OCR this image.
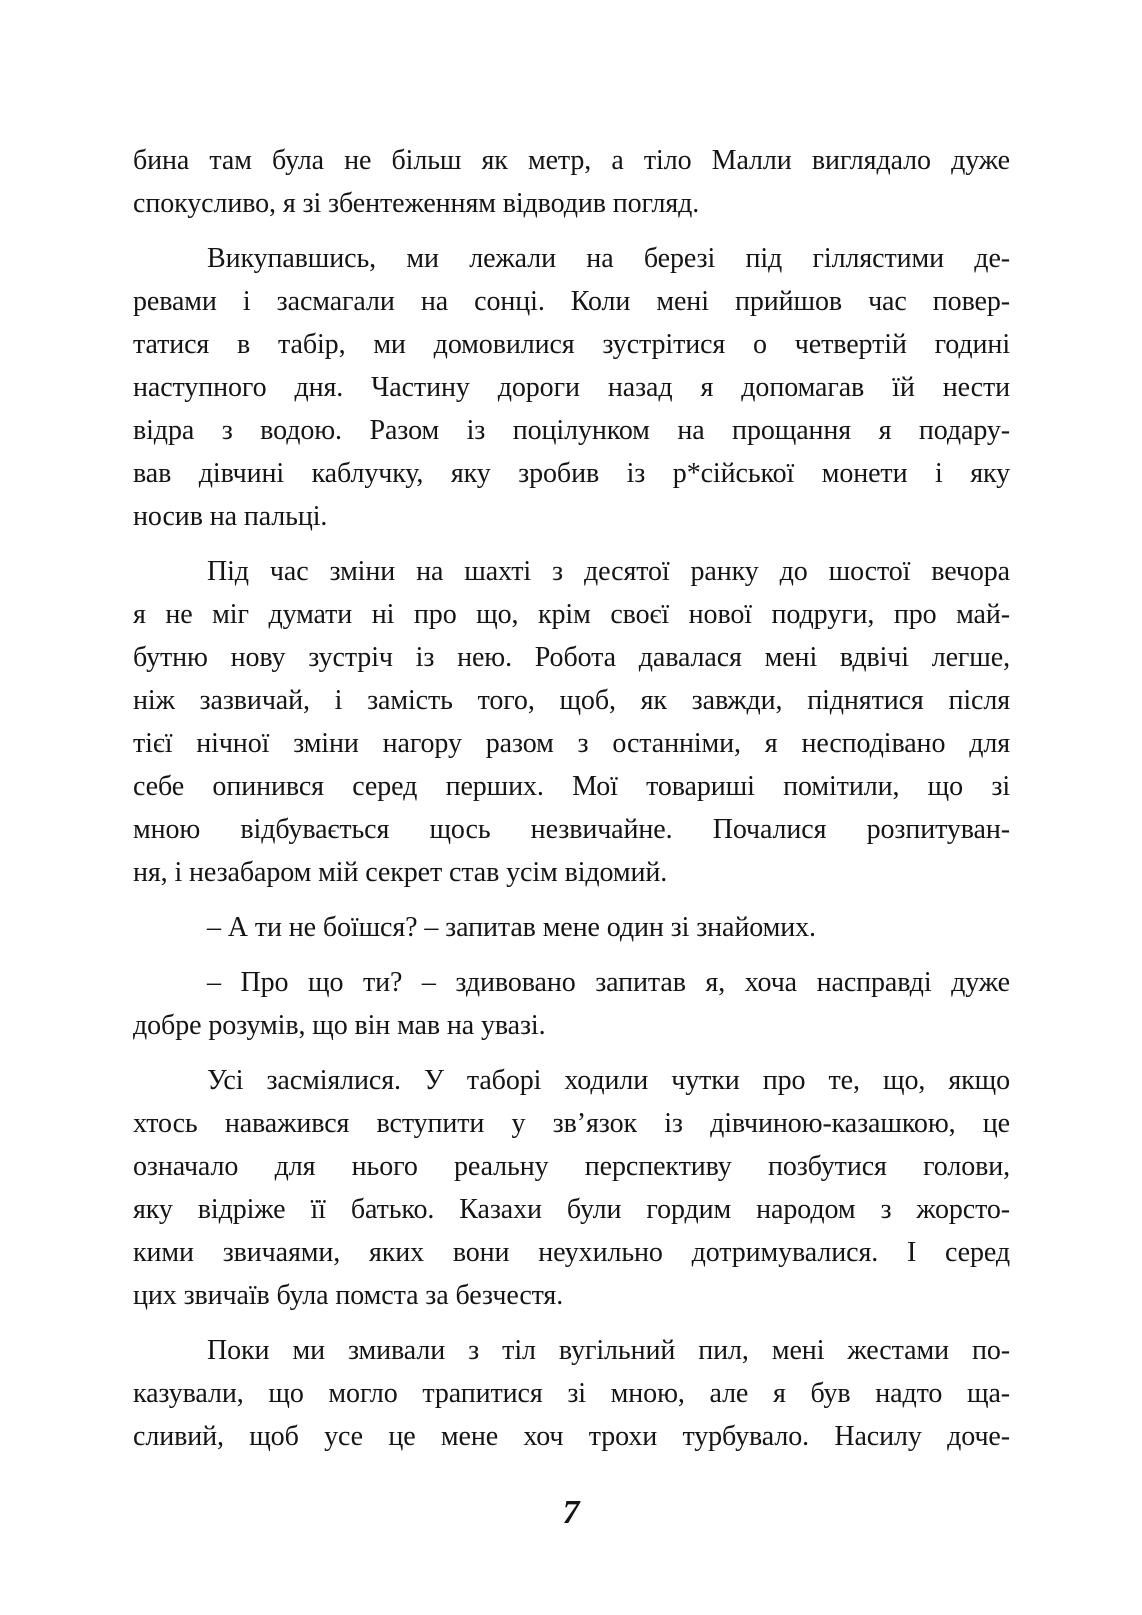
бина там була не більш як метр, а тіло Малли виглядало дуже
спокусливо, я зі збентеженням відводив погляд.
Викупавшись, ми лежали на березі під гіллястими де-
ревами і засмагали на сонці. Коли мені прийшов час повер-
татися в табір, ми домовилися зустрітися о четвертій годині
наступного дня. Частину дороги назад я допомагав їй нести
відра з водою. Разом із поцілунком на прощання я подару-
вав дівчині каблучку, яку зробив із р*сійської монети і яку
носив на пальці.
Під час зміни на шахті з десятої ранку до шостої вечора
я не міг думати ні про що, крім своєї нової подруги, про май-
бутню нову зустріч із нею. Робота давалася мені вдвічі легше,
ніж зазвичай, і замість того, щоб, як завжди, піднятися після
тієї нічної зміни нагору разом з останніми, я несподівано для
себе опинився серед перших. Мої товариші помітили, що зі
мною відбувається щось незвичайне. Почалися розпитуван-
ня, і незабаром мій секрет став усім відомий.
– А ти не боїшся? – запитав мене один зі знайомих.
– Про що ти? – здивовано запитав я, хоча насправді дуже
добре розумів, що він мав на увазі.
Усі засміялися. У таборі ходили чутки про те, що, якщо
хтось наважився вступити у зв’язок із дівчиною-казашкою, це
означало для нього реальну перспективу позбутися голови,
яку відріже її батько. Казахи були гордим народом з жорсто-
кими звичаями, яких вони неухильно дотримувалися. І серед
цих звичаїв була помста за безчестя.
Поки ми змивали з тіл вугільний пил, мені жестами по-
казували, що могло трапитися зі мною, але я був надто ща-
сливий, щоб усе це мене хоч трохи турбувало. Насилу доче-
7
